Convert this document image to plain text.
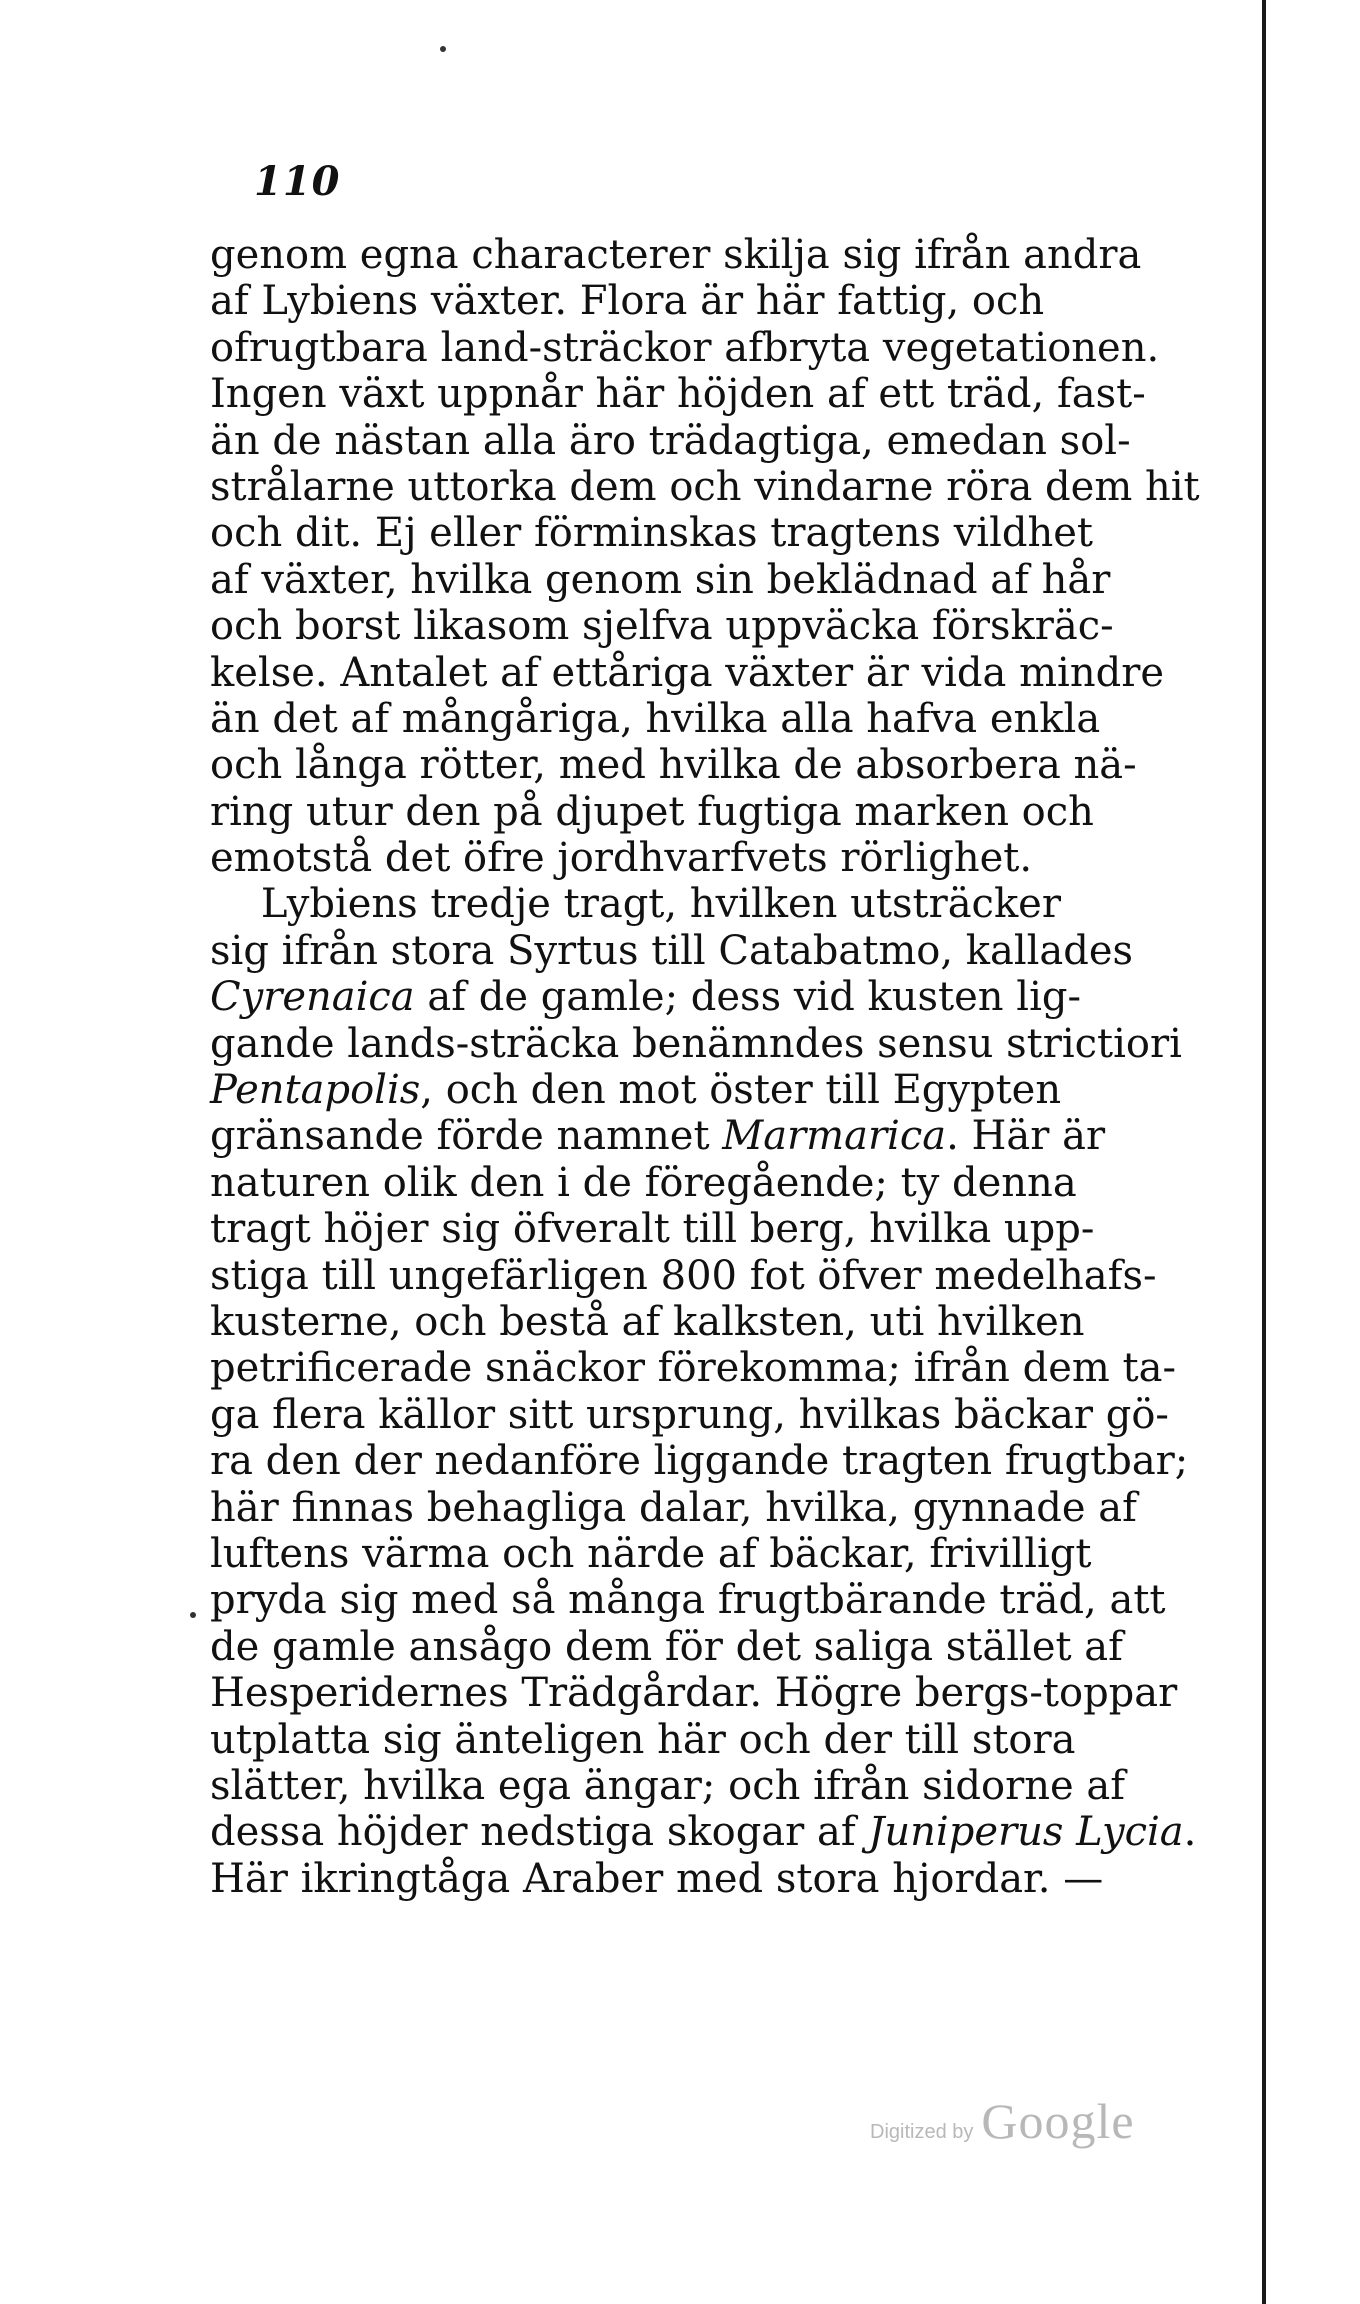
110
genom egna characterer skilja sig ifrån andra
af Lybiens växter. Flora är här fattig, och
ofrugtbara land-sträckor afbryta vegetationen.
Ingen växt uppnår här höjden af ett träd, fast-
än de nästan alla äro trädagtiga, emedan sol-
strålarne uttorka dem och vindarne röra dem hit
och dit. Ej eller förminskas tragtens vildhet
af växter, hvilka genom sin beklädnad af hår
och borst likasom sjelfva uppväcka förskräc-
kelse. Antalet af ettåriga växter är vida mindre
än det af mångåriga, hvilka alla hafva enkla
och långa rötter, med hvilka de absorbera nä-
ring utur den på djupet fugtiga marken och
emotstå det öfre jordhvarfvets rörlighet.
Lybiens tredje tragt, hvilken utsträcker
sig ifrån stora Syrtus till Catabatmo, kallades
Cyrenaica af de gamle; dess vid kusten lig-
gande lands-sträcka benämndes sensu strictiori
Pentapolis, och den mot öster till Egypten
gränsande förde namnet Marmarica. Här är
naturen olik den i de föregående; ty denna
tragt höjer sig öfveralt till berg, hvilka upp-
stiga till ungefärligen 800 fot öfver medelhafs-
kusterne, och bestå af kalksten, uti hvilken
petrificerade snäckor förekomma; ifrån dem ta-
ga flera källor sitt ursprung, hvilkas bäckar gö-
ra den der nedanföre liggande tragten frugtbar;
här finnas behagliga dalar, hvilka, gynnade af
luftens värma och närde af bäckar, frivilligt
pryda sig med så många frugtbärande träd, att
de gamle ansågo dem för det saliga stället af
Hesperidernes Trädgårdar. Högre bergs-toppar
utplatta sig änteligen här och der till stora
slätter, hvilka ega ängar; och ifrån sidorne af
dessa höjder nedstiga skogar af Juniperus Lycia.
Här ikringtåga Araber med stora hjordar. —
Digitized by Google
